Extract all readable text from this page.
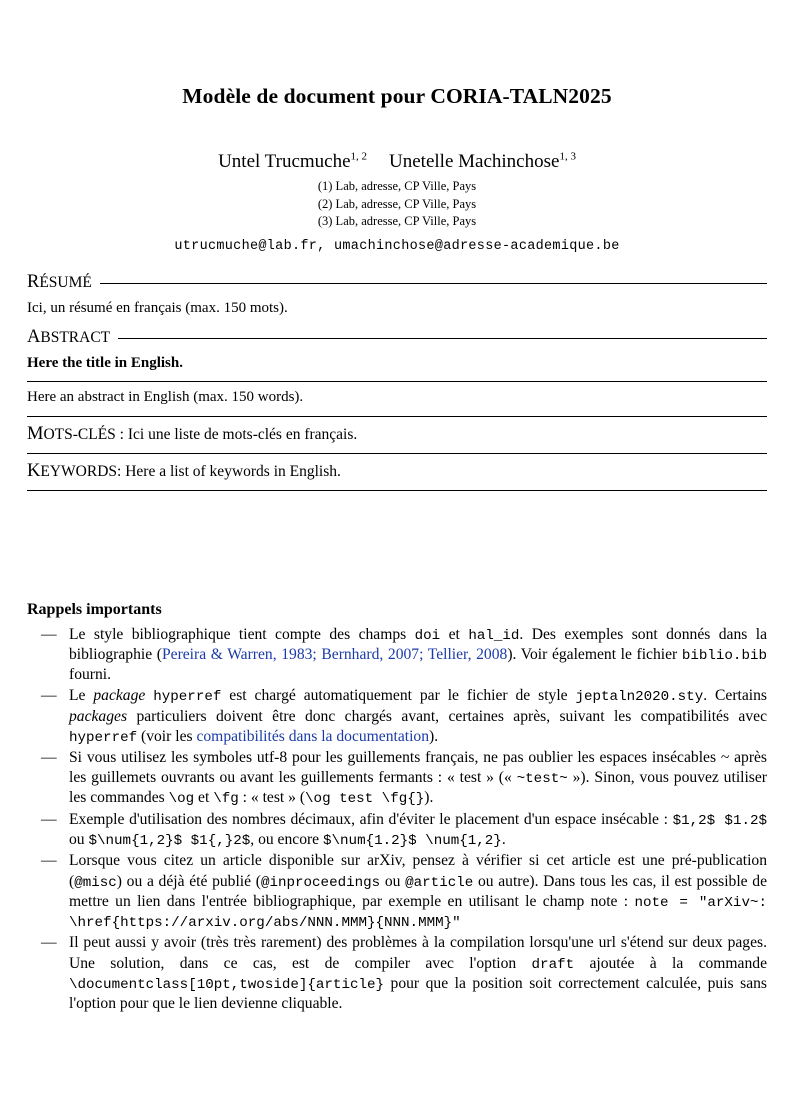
Modèle de document pour CORIA-TALN2025
Untel Trucmuche$^{1, 2}$ Unetelle Machinchose$^{1, 3}$
(1) Lab, adresse, CP Ville, Pays
(2) Lab, adresse, CP Ville, Pays
(3) Lab, adresse, CP Ville, Pays
utrucmuche@lab.fr, umachinchose@adresse-academique.be
RÉSUMÉ
Ici, un résumé en français (max. 150 mots).
ABSTRACT
Here the title in English.
Here an abstract in English (max. 150 words).
MOTS-CLÉS : Ici une liste de mots-clés en français.
KEYWORDS: Here a list of keywords in English.
Rappels importants
— Le style bibliographique tient compte des champs doi et hal_id. Des exemples sont donnés dans la bibliographie (Pereira & Warren, 1983; Bernhard, 2007; Tellier, 2008). Voir également le fichier biblio.bib fourni.
— Le package hyperref est chargé automatiquement par le fichier de style jeptaln2020.sty. Certains packages particuliers doivent être donc chargés avant, certaines après, suivant les compatibilités avec hyperref (voir les compatibilités dans la documentation).
— Si vous utilisez les symboles utf-8 pour les guillements français, ne pas oublier les espaces insécables ~ après les guillemets ouvrants ou avant les guillements fermants : « test » (« ~test~ »). Sinon, vous pouvez utiliser les commandes \og et \fg : « test » (\og test \fg{}).
— Exemple d'utilisation des nombres décimaux, afin d'éviter le placement d'un espace insécable : $1,2$ $1.2$ ou $\num{1,2}$ $1{,}2$, ou encore $\num{1.2}$ \num{1,2}.
— Lorsque vous citez un article disponible sur arXiv, pensez à vérifier si cet article est une pré-publication (@misc) ou a déjà été publié (@inproceedings ou @article ou autre). Dans tous les cas, il est possible de mettre un lien dans l'entrée bibliographique, par exemple en utilisant le champ note : note = "arXiv~: \href{https://arxiv.org/abs/NNN.MMM}{NNN.MMM}"
— Il peut aussi y avoir (très très rarement) des problèmes à la compilation lorsqu'une url s'étend sur deux pages. Une solution, dans ce cas, est de compiler avec l'option draft ajoutée à la commande \documentclass[10pt,twoside]{article} pour que la position soit correctement calculée, puis sans l'option pour que le lien devienne cliquable.
